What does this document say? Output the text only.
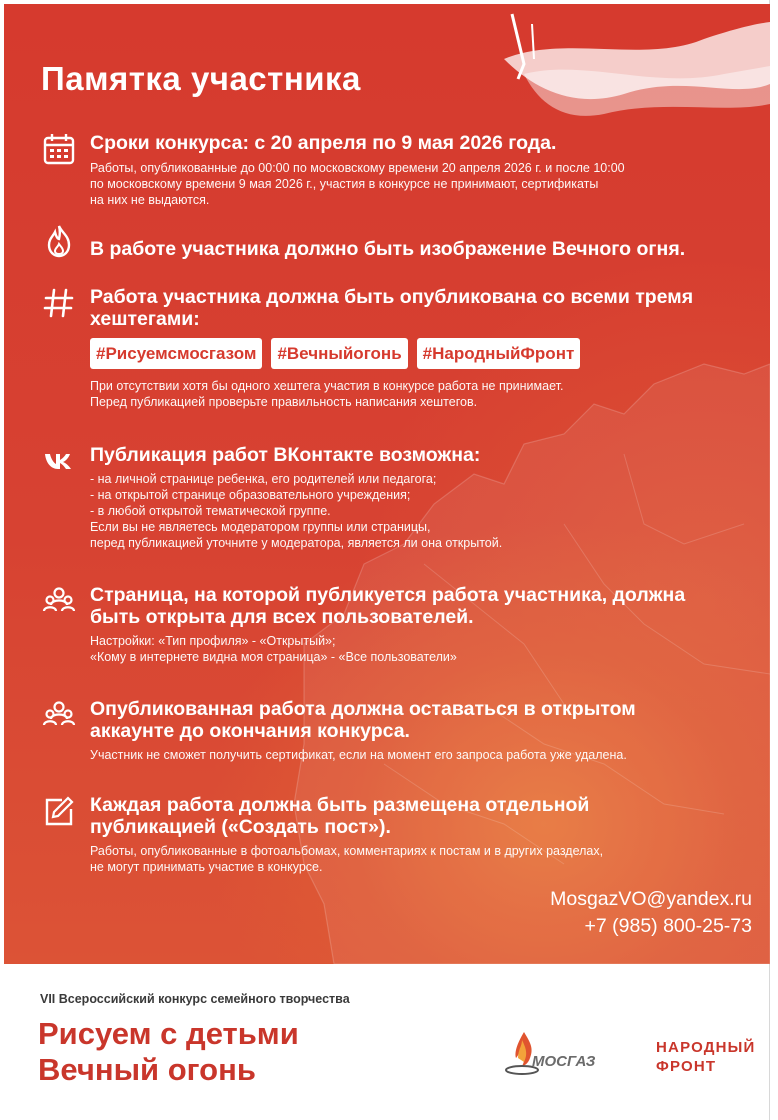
Памятка участника
Сроки конкурса: с 20 апреля по 9 мая 2026 года.

Работы, опубликованные до 00:00 по московскому времени 20 апреля 2026 г. и после 10:00

по московскому времени 9 мая 2026 г., участия в конкурсе не принимают, сертификаты

на них не выдаются.

В работе участника должно быть изображение Вечного огня.
Работа участника должна быть опубликована со всеми тремя хештегами:
#Рисуемсмосгазом	#Вечныйогонь	#НародныйФронт

При отсутствии хотя бы одного хештега участия в конкурсе работа не принимает.

Перед публикацией проверьте правильность написания хештегов.

Публикация работ ВКонтакте возможна:

- на личной странице ребенка, его родителей или педагога;

- на открытой странице образовательного учреждения;

- в любой открытой тематической группе.

Если вы не являетесь модератором группы или страницы,

перед публикацией уточните у модератора, является ли она открытой.

Страница, на которой публикуется работа участника, должна быть открыта для всех пользователей.

Настройки: «Тип профиля» - «Открытый»;

«Кому в интернете видна моя страница» - «Все пользователи»

Опубликованная работа должна оставаться в открытом аккаунте до окончания конкурса.

Участник не сможет получить сертификат, если на момент его запроса работа уже удалена.

Каждая работа должна быть размещена отдельной публикацией («Создать пост»).

Работы, опубликованные в фотоальбомах, комментариях к постам и в других разделах,

не могут принимать участие в конкурсе.

MosgazVO@yandex.ru
+7 (985) 800-25-73
VII Всероссийский конкурс семейного творчества
Рисуем с детьми
Вечный огонь	МОСГАЗ
НАРОДНЫЙ
ФРОНТ
